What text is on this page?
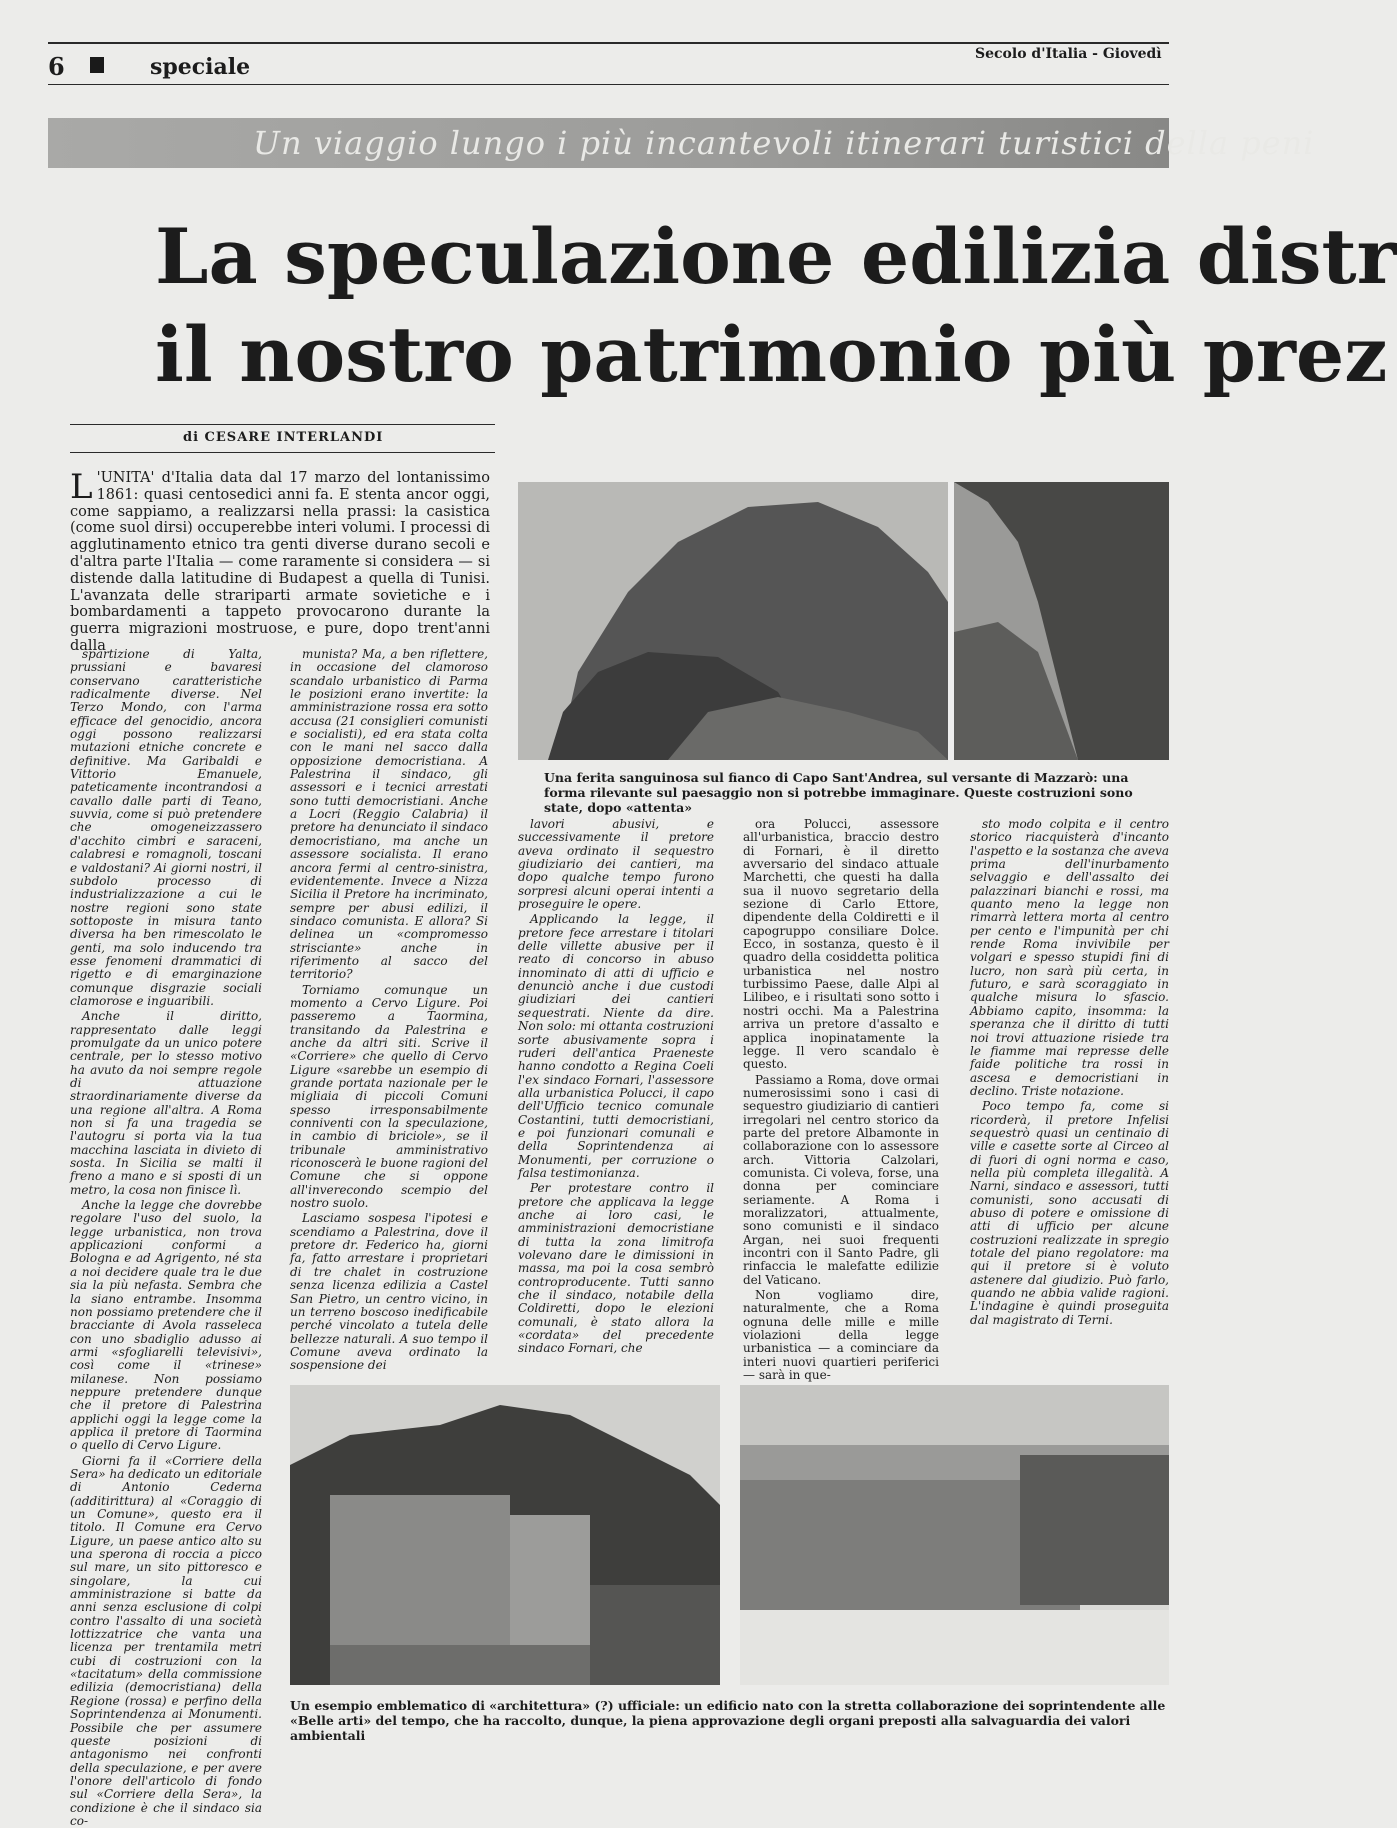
6	speciale	Secolo d'Italia - Giovedì
Un viaggio lungo i più incantevoli itinerari turistici della peni
La speculazione edilizia distr
il nostro patrimonio più prez
di CESARE INTERLANDI
L 'UNITA' d'Italia data dal 17 marzo del lontanissimo 1861: quasi centosedici anni fa. E stenta ancor oggi, come sappiamo, a realizzarsi nella prassi: la casistica (come suol dirsi) occuperebbe interi volumi. I processi di agglutinamento etnico tra genti diverse durano secoli e d'altra parte l'Italia — come raramente si considera — si distende dalla latitudine di Budapest a quella di Tunisi. L'avanzata delle strariparti armate sovietiche e i bombardamenti a tappeto provocarono durante la guerra migrazioni mostruose, e pure, dopo trent'anni dalla

spartizione di Yalta, prussiani e bavaresi conservano caratteristiche radicalmente diverse. Nel Terzo Mondo, con l'arma efficace del genocidio, ancora oggi possono realizzarsi mutazioni etniche concrete e definitive. Ma Garibaldi e Vittorio Emanuele, pateticamente incontrandosi a cavallo dalle parti di Teano, suvvia, come si può pretendere che omogeneizzassero d'acchito cimbri e saraceni, calabresi e romagnoli, toscani e valdostani? Ai giorni nostri, il subdolo processo di industrializzazione a cui le nostre regioni sono state sottoposte in misura tanto diversa ha ben rimescolato le genti, ma solo inducendo tra esse fenomeni drammatici di rigetto e di emarginazione comunque disgrazie sociali clamorose e inguaribili.

Anche il diritto, rappresentato dalle leggi promulgate da un unico potere centrale, per lo stesso motivo ha avuto da noi sempre regole di attuazione straordinariamente diverse da una regione all'altra. A Roma non si fa una tragedia se l'autogru si porta via la tua macchina lasciata in divieto di sosta. In Sicilia se malti il freno a mano e si sposti di un metro, la cosa non finisce lì.

Anche la legge che dovrebbe regolare l'uso del suolo, la legge urbanistica, non trova applicazioni conformi a Bologna e ad Agrigento, né sta a noi decidere quale tra le due sia la più nefasta. Sembra che la siano entrambe. Insomma non possiamo pretendere che il bracciante di Avola rasseleca con uno sbadiglio adusso ai armi «sfogliarelli televisivi», così come il «trinese» milanese. Non possiamo neppure pretendere dunque che il pretore di Palestrina applichi oggi la legge come la applica il pretore di Taormina o quello di Cervo Ligure.

Giorni fa il «Corriere della Sera» ha dedicato un editoriale di Antonio Cederna (additirittura) al «Coraggio di un Comune», questo era il titolo. Il Comune era Cervo Ligure, un paese antico alto su una sperona di roccia a picco sul mare, un sito pittoresco e singolare, la cui amministrazione si batte da anni senza esclusione di colpi contro l'assalto di una società lottizzatrice che vanta una licenza per trentamila metri cubi di costruzioni con la «tacitatum» della commissione edilizia (democristiana) della Regione (rossa) e perfino della Soprintendenza ai Monumenti. Possibile che per assumere queste posizioni di antagonismo nei confronti della speculazione, e per avere l'onore dell'articolo di fondo sul «Corriere della Sera», la condizione è che il sindaco sia co-

munista? Ma, a ben riflettere, in occasione del clamoroso scandalo urbanistico di Parma le posizioni erano invertite: la amministrazione rossa era sotto accusa (21 consiglieri comunisti e socialisti), ed era stata colta con le mani nel sacco dalla opposizione democristiana. A Palestrina il sindaco, gli assessori e i tecnici arrestati sono tutti democristiani. Anche a Locri (Reggio Calabria) il pretore ha denunciato il sindaco democristiano, ma anche un assessore socialista. Il erano ancora fermi al centro-sinistra, evidentemente. Invece a Nizza Sicilia il Pretore ha incriminato, sempre per abusi edilizi, il sindaco comunista. E allora? Si delinea un «compromesso strisciante» anche in riferimento al sacco del territorio?

Torniamo comunque un momento a Cervo Ligure. Poi passeremo a Taormina, transitando da Palestrina e anche da altri siti. Scrive il «Corriere» che quello di Cervo Ligure «sarebbe un esempio di grande portata nazionale per le migliaia di piccoli Comuni spesso irresponsabilmente conniventi con la speculazione, in cambio di briciole», se il tribunale amministrativo riconoscerà le buone ragioni del Comune che si oppone all'inverecondo scempio del nostro suolo.

Lasciamo sospesa l'ipotesi e scendiamo a Palestrina, dove il pretore dr. Federico ha, giorni fa, fatto arrestare i proprietari di tre chalet in costruzione senza licenza edilizia a Castel San Pietro, un centro vicino, in un terreno boscoso inedificabile perché vincolato a tutela delle bellezze naturali. A suo tempo il Comune aveva ordinato la sospensione dei

Una ferita sanguinosa sul fianco di Capo Sant'Andrea, sul versante di Mazzarò: una forma rilevante sul paesaggio non si potrebbe immaginare. Queste costruzioni sono state, dopo «attenta»

lavori abusivi, e successivamente il pretore aveva ordinato il sequestro giudiziario dei cantieri, ma dopo qualche tempo furono sorpresi alcuni operai intenti a proseguire le opere.

Applicando la legge, il pretore fece arrestare i titolari delle villette abusive per il reato di concorso in abuso innominato di atti di ufficio e denunciò anche i due custodi giudiziari dei cantieri sequestrati. Niente da dire. Non solo: mi ottanta costruzioni sorte abusivamente sopra i ruderi dell'antica Praeneste hanno condotto a Regina Coeli l'ex sindaco Fornari, l'assessore alla urbanistica Polucci, il capo dell'Ufficio tecnico comunale Costantini, tutti democristiani, e poi funzionari comunali e della Soprintendenza ai Monumenti, per corruzione o falsa testimonianza.

Per protestare contro il pretore che applicava la legge anche ai loro casi, le amministrazioni democristiane di tutta la zona limitrofa volevano dare le dimissioni in massa, ma poi la cosa sembrò controproducente. Tutti sanno che il sindaco, notabile della Coldiretti, dopo le elezioni comunali, è stato allora la «cordata» del precedente sindaco Fornari, che

ora Polucci, assessore all'urbanistica, braccio destro di Fornari, è il diretto avversario del sindaco attuale Marchetti, che questi ha dalla sua il nuovo segretario della sezione di Carlo Ettore, dipendente della Coldiretti e il capogruppo consiliare Dolce. Ecco, in sostanza, questo è il quadro della cosiddetta politica urbanistica nel nostro turbissimo Paese, dalle Alpi al Lilibeo, e i risultati sono sotto i nostri occhi. Ma a Palestrina arriva un pretore d'assalto e applica inopinatamente la legge. Il vero scandalo è questo.

Passiamo a Roma, dove ormai numerosissimi sono i casi di sequestro giudiziario di cantieri irregolari nel centro storico da parte del pretore Albamonte in collaborazione con lo assessore arch. Vittoria Calzolari, comunista. Ci voleva, forse, una donna per cominciare seriamente. A Roma i moralizzatori, attualmente, sono comunisti e il sindaco Argan, nei suoi frequenti incontri con il Santo Padre, gli rinfaccia le malefatte edilizie del Vaticano.

Non vogliamo dire, naturalmente, che a Roma ognuna delle mille e mille violazioni della legge urbanistica — a cominciare da interi nuovi quartieri periferici — sarà in que-

sto modo colpita e il centro storico riacquisterà d'incanto l'aspetto e la sostanza che aveva prima dell'inurbamento selvaggio e dell'assalto dei palazzinari bianchi e rossi, ma quanto meno la legge non rimarrà lettera morta al centro per cento e l'impunità per chi rende Roma invivibile per volgari e spesso stupidi fini di lucro, non sarà più certa, in futuro, e sarà scoraggiato in qualche misura lo sfascio. Abbiamo capito, insomma: la speranza che il diritto di tutti noi trovi attuazione risiede tra le fiamme mai represse delle faide politiche tra rossi in ascesa e democristiani in declino. Triste notazione.

Poco tempo fa, come si ricorderà, il pretore Infelisi sequestrò quasi un centinaio di ville e casette sorte al Circeo al di fuori di ogni norma e caso, nella più completa illegalità. A Narni, sindaco e assessori, tutti comunisti, sono accusati di abuso di potere e omissione di atti di ufficio per alcune costruzioni realizzate in spregio totale del piano regolatore: ma qui il pretore si è voluto astenere dal giudizio. Può farlo, quando ne abbia valide ragioni. L'indagine è quindi proseguita dal magistrato di Terni.

Un esempio emblematico di «architettura» (?) ufficiale: un edificio nato con la stretta collaborazione dei soprintendente alle «Belle arti» del tempo, che ha raccolto, dunque, la piena approvazione degli organi preposti alla salvaguardia dei valori ambientali
